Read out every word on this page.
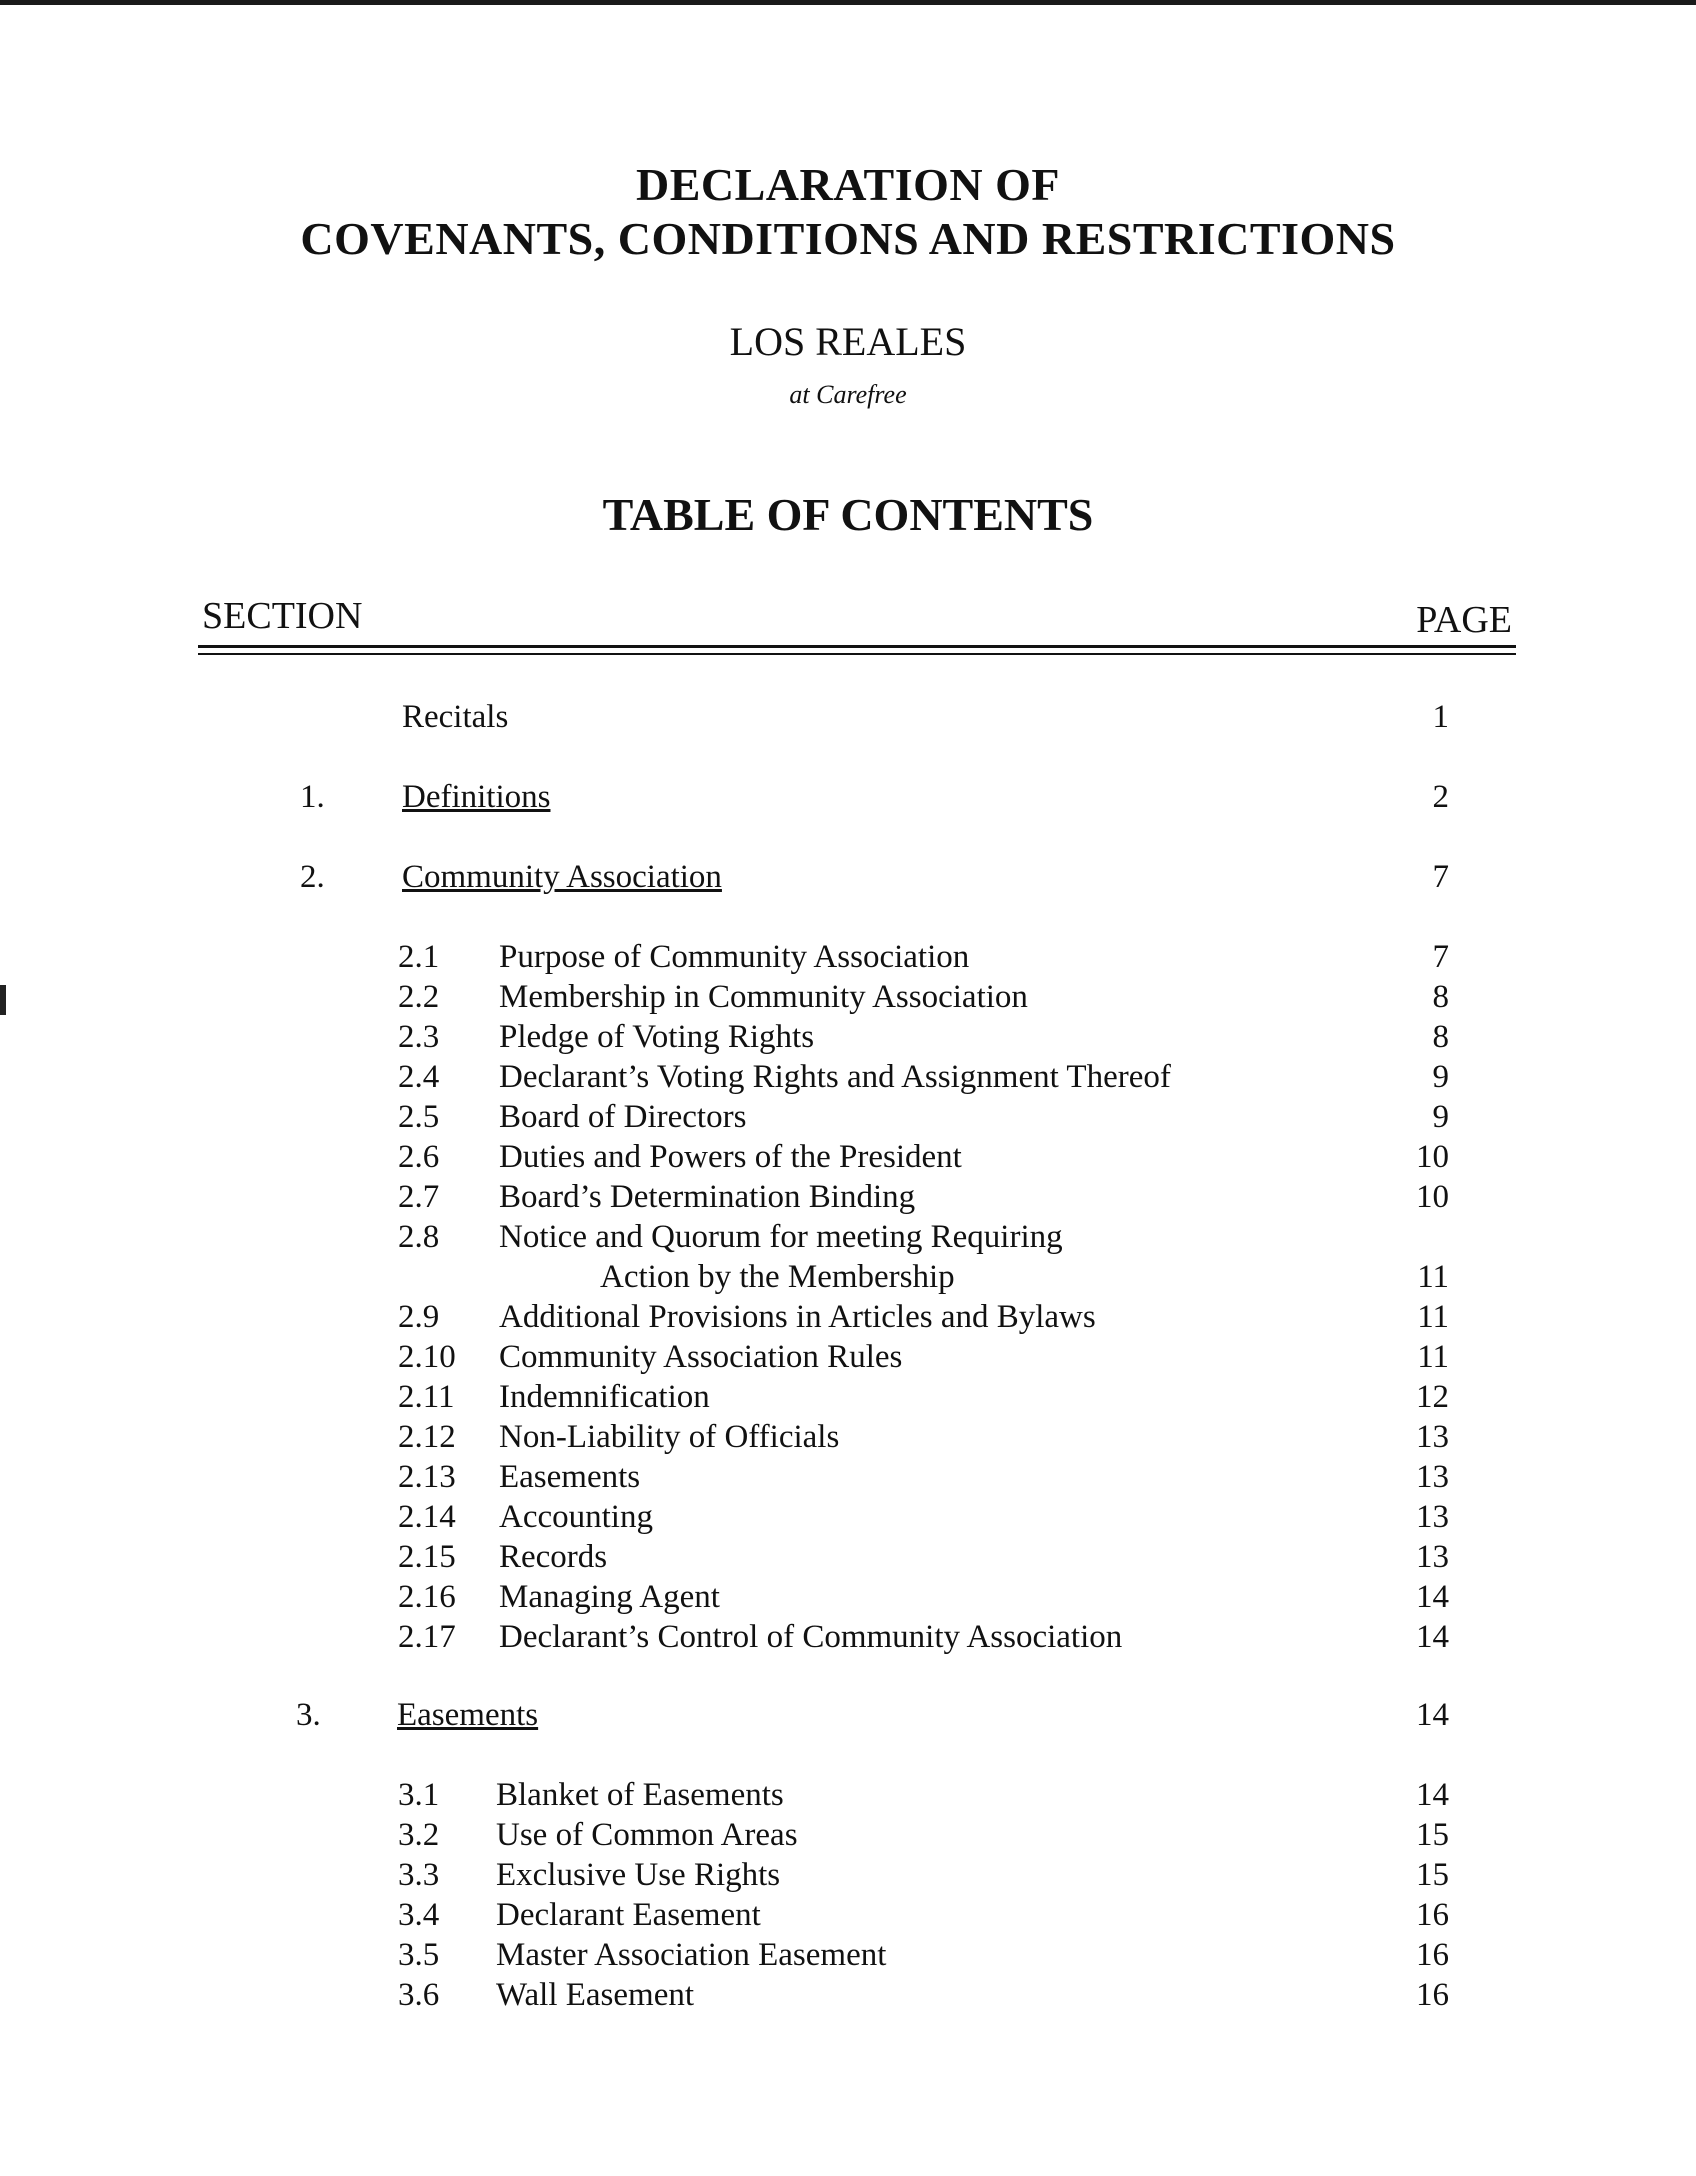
DECLARATION OF
COVENANTS, CONDITIONS AND RESTRICTIONS
LOS REALES
at Carefree
TABLE OF CONTENTS
SECTION	PAGE
Recitals	1
1. Definitions	2
2. Community Association	7
2.1 Purpose of Community Association	7
2.2 Membership in Community Association	8
2.3 Pledge of Voting Rights	8
2.4 Declarant’s Voting Rights and Assignment Thereof	9
2.5 Board of Directors	9
2.6 Duties and Powers of the President	10
2.7 Board’s Determination Binding	10
2.8 Notice and Quorum for meeting Requiring
Action by the Membership	11
2.9 Additional Provisions in Articles and Bylaws	11
2.10 Community Association Rules	11
2.11 Indemnification	12
2.12 Non-Liability of Officials	13
2.13 Easements	13
2.14 Accounting	13
2.15 Records	13
2.16 Managing Agent	14
2.17 Declarant’s Control of Community Association	14
3. Easements	14
3.1 Blanket of Easements	14
3.2 Use of Common Areas	15
3.3 Exclusive Use Rights	15
3.4 Declarant Easement	16
3.5 Master Association Easement	16
3.6 Wall Easement	16
